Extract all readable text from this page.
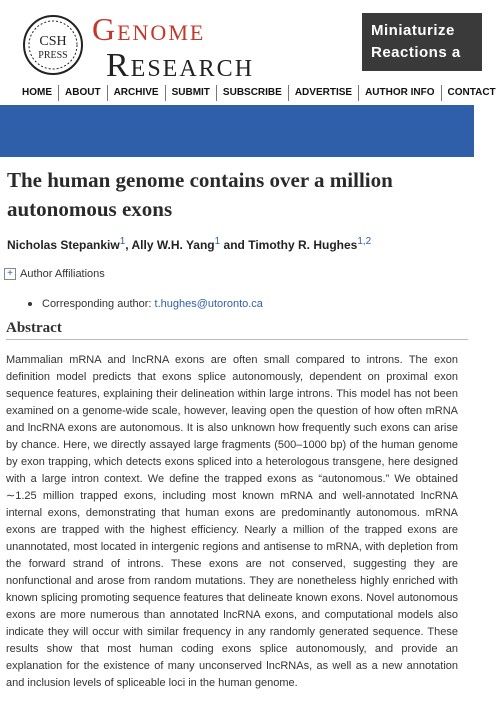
CSH
PRESS
Genome
Research
Miniaturize
Reactions a
HOME ABOUT ARCHIVE SUBMIT SUBSCRIBE ADVERTISE AUTHOR INFO CONTACT
The human genome contains over a million autonomous exons
Nicholas Stepankiw$^1$, Ally W.H. Yang$^1$ and Timothy R. Hughes$^{1,2}$
+ Author Affiliations
Corresponding author: t.hughes@utoronto.ca
Abstract

Mammalian mRNA and lncRNA exons are often small compared to introns. The exon definition model predicts that exons splice autonomously, dependent on proximal exon sequence features, explaining their delineation within large introns. This model has not been examined on a genome-wide scale, however, leaving open the question of how often mRNA and lncRNA exons are autonomous. It is also unknown how frequently such exons can arise by chance. Here, we directly assayed large fragments (500–1000 bp) of the human genome by exon trapping, which detects exons spliced into a heterologous transgene, here designed with a large intron context. We define the trapped exons as “autonomous.” We obtained ∼1.25 million trapped exons, including most known mRNA and well-annotated lncRNA internal exons, demonstrating that human exons are predominantly autonomous. mRNA exons are trapped with the highest efficiency. Nearly a million of the trapped exons are unannotated, most located in intergenic regions and antisense to mRNA, with depletion from the forward strand of introns. These exons are not conserved, suggesting they are nonfunctional and arose from random mutations. They are nonetheless highly enriched with known splicing promoting sequence features that delineate known exons. Novel autonomous exons are more numerous than annotated lncRNA exons, and computational models also indicate they will occur with similar frequency in any randomly generated sequence. These results show that most human coding exons splice autonomously, and provide an explanation for the existence of many unconserved lncRNAs, as well as a new annotation and inclusion levels of spliceable loci in the human genome.
